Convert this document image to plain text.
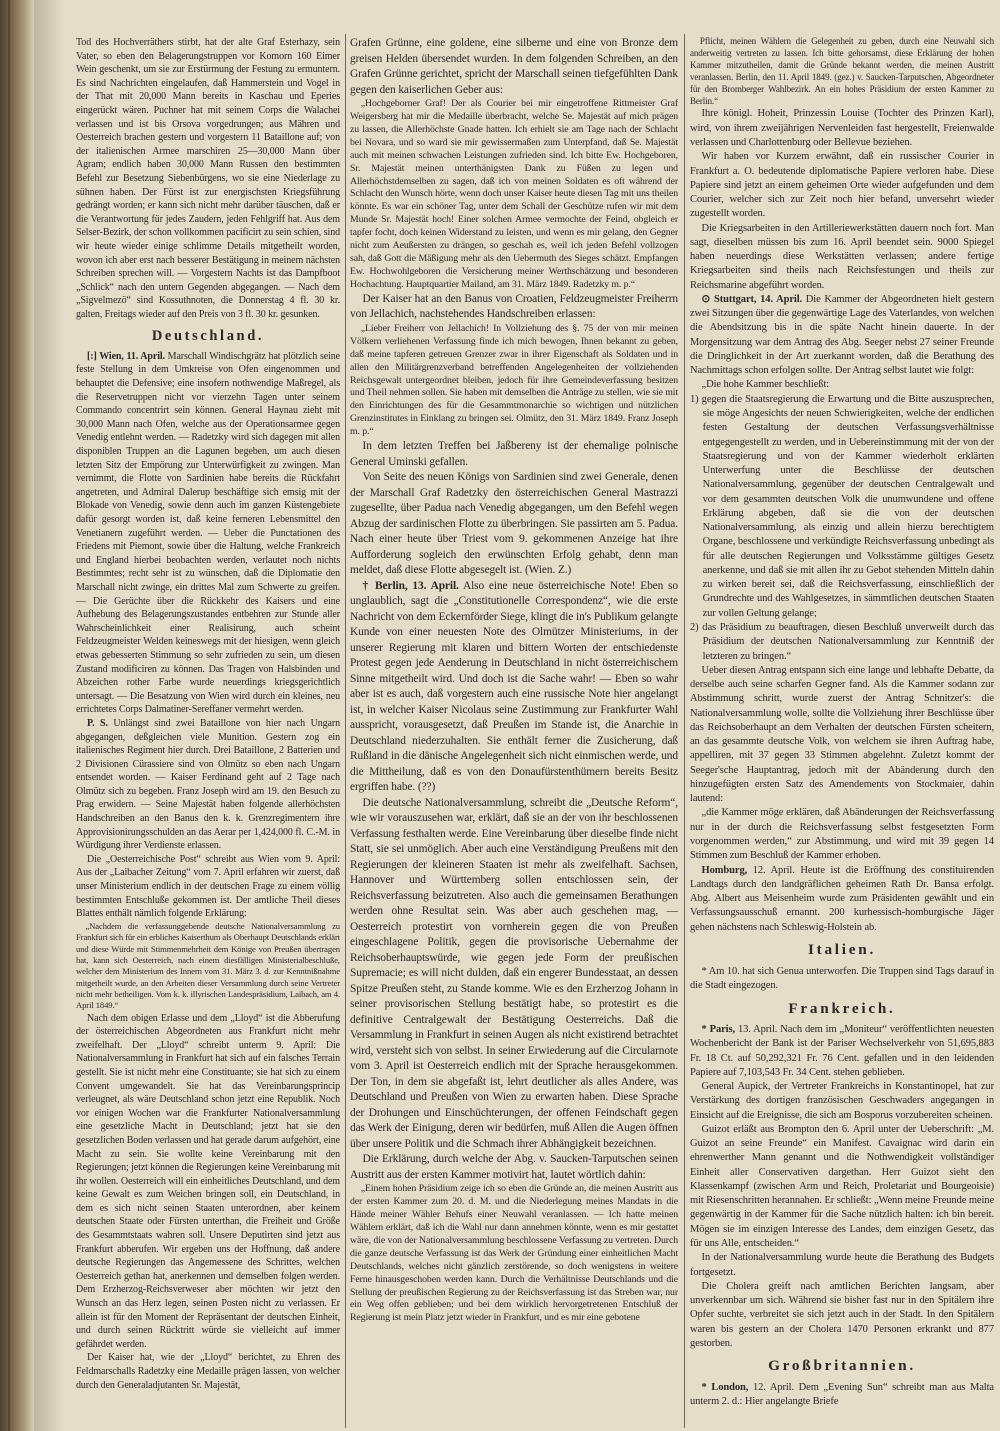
Tod des Hochverräthers stirbt, hat der alte Graf Esterhazy, sein Vater, so eben den Belagerungstruppen vor Komorn 160 Eimer Wein geschenkt, um sie zur Erstürmung der Festung zu ermuntern. Es sind Nachrichten eingelaufen, daß Hammerstein und Vogel in der That mit 20,000 Mann bereits in Kaschau und Eperies eingerückt wären. Puchner hat mit seinem Corps die Walachei verlassen und ist bis Orsova vorgedrungen; aus Mähren und Oesterreich brachen gestern und vorgestern 11 Bataillone auf; von der italienischen Armee marschiren 25—30,000 Mann über Agram; endlich haben 30,000 Mann Russen den bestimmten Befehl zur Besetzung Siebenbürgens, wo sie eine Niederlage zu sühnen haben. Der Fürst ist zur energischsten Kriegsführung gedrängt worden; er kann sich nicht mehr darüber täuschen, daß er die Verantwortung für jedes Zaudern, jeden Fehlgriff hat. Aus dem Selser-Bezirk, der schon vollkommen pacificirt zu sein schien, sind wir heute wieder einige schlimme Details mitgetheilt worden, wovon ich aber erst nach besserer Bestätigung in meinem nächsten Schreiben sprechen will. — Vorgestern Nachts ist das Dampfboot „Schlick“ nach den untern Gegenden abgegangen. — Nach dem „Sigvelmezö“ sind Kossuthnoten, die Donnerstag 4 fl. 30 kr. galten, Freitags wieder auf den Preis von 3 fl. 30 kr. gesunken.
Deutschland.
[:] Wien, 11. April. Marschall Windischgrätz hat plötzlich seine feste Stellung in dem Umkreise von Ofen eingenommen und behauptet die Defensive; eine insofern nothwendige Maßregel, als die Reservetruppen nicht vor vierzehn Tagen unter seinem Commando concentrirt sein können. General Haynau zieht mit 30,000 Mann nach Ofen, welche aus der Operationsarmee gegen Venedig entlehnt werden. — Radetzky wird sich dagegen mit allen disponiblen Truppen an die Lagunen begeben, um auch diesen letzten Sitz der Empörung zur Unterwürfigkeit zu zwingen. Man vernimmt, die Flotte von Sardinien habe bereits die Rückfahrt angetreten, und Admiral Dalerup beschäftige sich emsig mit der Blokade von Venedig, sowie denn auch im ganzen Küstengebiete dafür gesorgt worden ist, daß keine ferneren Lebensmittel den Venetianern zugeführt werden. — Ueber die Punctationen des Friedens mit Piemont, sowie über die Haltung, welche Frankreich und England hierbei beobachten werden, verlautet noch nichts Bestimmtes; recht sehr ist zu wünschen, daß die Diplomatie den Marschall nicht zwinge, ein drittes Mal zum Schwerte zu greifen. — Die Gerüchte über die Rückkehr des Kaisers und eine Aufhebung des Belagerungszustandes entbehren zur Stunde aller Wahrscheinlichkeit einer Realisirung, auch scheint Feldzeugmeister Welden keineswegs mit der hiesigen, wenn gleich etwas gebesserten Stimmung so sehr zufrieden zu sein, um diesen Zustand modificiren zu können. Das Tragen von Halsbinden und Abzeichen rother Farbe wurde neuerdings kriegsgerichtlich untersagt. — Die Besatzung von Wien wird durch ein kleines, neu errichtetes Corps Dalmatiner-Sereffaner vermehrt werden.
P. S. Unlängst sind zwei Bataillone von hier nach Ungarn abgegangen, deßgleichen viele Munition. Gestern zog ein italienisches Regiment hier durch. Drei Bataillone, 2 Batterien und 2 Divisionen Cürassiere sind von Olmütz so eben nach Ungarn entsendet worden. — Kaiser Ferdinand geht auf 2 Tage nach Olmütz sich zu begeben. Franz Joseph wird am 19. den Besuch zu Prag erwidern. — Seine Majestät haben folgende allerhöchsten Handschreiben an den Banus den k. k. Grenzregimentern ihre Approvisionirungsschulden an das Aerar per 1,424,000 fl. C.-M. in Würdigung ihrer Verdienste erlassen.
Die „Oesterreichische Post“ schreibt aus Wien vom 9. April: Aus der „Laibacher Zeitung“ vom 7. April erfahren wir zuerst, daß unser Ministerium endlich in der deutschen Frage zu einem völlig bestimmten Entschluße gekommen ist. Der amtliche Theil dieses Blattes enthält nämlich folgende Erklärung:
„Nachdem die verfassunggebende deutsche Nationalversammlung zu Frankfurt sich für ein erbliches Kaiserthum als Oberhaupt Deutschlands erklärt und diese Würde mit Stimmenmehrheit dem Könige von Preußen übertragen hat, kann sich Oesterreich, nach einem diesfälligen Ministerialbeschluße, welcher dem Ministerium des Innern vom 31. März 3. d. zur Kenntnißnahme mitgetheilt wurde, an den Arbeiten dieser Versammlung durch seine Vertreter nicht mehr betheiligen. Vom k. k. illyrischen Landespräsidium, Laibach, am 4. April 1849.“
Nach dem obigen Erlasse und dem „Lloyd“ ist die Abberufung der österreichischen Abgeordneten aus Frankfurt nicht mehr zweifelhaft. Der „Lloyd“ schreibt unterm 9. April: Die Nationalversammlung in Frankfurt hat sich auf ein falsches Terrain gestellt. Sie ist nicht mehr eine Constituante; sie hat sich zu einem Convent umgewandelt. Sie hat das Vereinbarungsprincip verleugnet, als wäre Deutschland schon jetzt eine Republik. Noch vor einigen Wochen war die Frankfurter Nationalversammlung eine gesetzliche Macht in Deutschland; jetzt hat sie den gesetzlichen Boden verlassen und hat gerade darum aufgehört, eine Macht zu sein. Sie wollte keine Vereinbarung mit den Regierungen; jetzt können die Regierungen keine Vereinbarung mit ihr wollen. Oesterreich will ein einheitliches Deutschland, und dem keine Gewalt es zum Weichen bringen soll, ein Deutschland, in dem es sich nicht seinen Staaten unterordnen, aber keinem deutschen Staate oder Fürsten unterthan, die Freiheit und Größe des Gesammtstaats wahren soll. Unsere Deputirten sind jetzt aus Frankfurt abberufen. Wir ergeben uns der Hoffnung, daß andere deutsche Regierungen das Angemessene des Schrittes, welchen Oesterreich gethan hat, anerkennen und demselben folgen werden. Dem Erzherzog-Reichsverweser aber möchten wir jetzt den Wunsch an das Herz legen, seinen Posten nicht zu verlassen. Er allein ist für den Moment der Repräsentant der deutschen Einheit, und durch seinen Rücktritt würde sie vielleicht auf immer gefährdet werden.
Der Kaiser hat, wie der „Lloyd“ berichtet, zu Ehren des Feldmarschalls Radetzky eine Medaille prägen lassen, von welcher durch den Generaladjutanten Sr. Majestät,
Grafen Grünne, eine goldene, eine silberne und eine von Bronze dem greisen Helden übersendet wurden. In dem folgenden Schreiben, an den Grafen Grünne gerichtet, spricht der Marschall seinen tiefgefühlten Dank gegen den kaiserlichen Geber aus:
„Hochgeborner Graf! Der als Courier bei mir eingetroffene Rittmeister Graf Weigersberg hat mir die Medaille überbracht, welche Se. Majestät auf mich prägen zu lassen, die Allerhöchste Gnade hatten. Ich erhielt sie am Tage nach der Schlacht bei Novara, und so ward sie mir gewissermaßen zum Unterpfand, daß Se. Majestät auch mit meinen schwachen Leistungen zufrieden sind. Ich bitte Ew. Hochgeboren, Sr. Majestät meinen unterthänigsten Dank zu Füßen zu legen und Allerhöchstdemselben zu sagen, daß ich von meinen Soldaten es oft während der Schlacht den Wunsch hörte, wenn doch unser Kaiser heute diesen Tag mit uns theilen könnte. Es war ein schöner Tag, unter dem Schall der Geschütze rufen wir mit dem Munde Sr. Majestät hoch! Einer solchen Armee vermochte der Feind, obgleich er tapfer focht, doch keinen Widerstand zu leisten, und wenn es mir gelang, den Gegner nicht zum Aeußersten zu drängen, so geschah es, weil ich jeden Befehl vollzogen sah, daß Gott die Mäßigung mehr als den Uebermuth des Sieges schätzt. Empfangen Ew. Hochwohlgeboren die Versicherung meiner Werthschätzung und besonderen Hochachtung. Hauptquartier Mailand, am 31. März 1849. Radetzky m. p.“
Der Kaiser hat an den Banus von Croatien, Feldzeugmeister Freiherrn von Jellachich, nachstehendes Handschreiben erlassen:
„Lieber Freiherr von Jellachich! In Vollziehung des §. 75 der von mir meinen Völkern verliehenen Verfassung finde ich mich bewogen, Ihnen bekannt zu geben, daß meine tapferen getreuen Grenzer zwar in ihrer Eigenschaft als Soldaten und in allen den Militärgrenzverband betreffenden Angelegenheiten der vollziehenden Reichsgewalt untergeordnet bleiben, jedoch für ihre Gemeindeverfassung besitzen und Theil nehmen sollen. Sie haben mit demselben die Anträge zu stellen, wie sie mit den Einrichtungen des für die Gesammtmonarchie so wichtigen und nützlichen Grenzinstitutes in Einklang zu bringen sei. Olmütz, den 31. März 1849. Franz Joseph m. p.“
In dem letzten Treffen bei Jaßbereny ist der ehemalige polnische General Uminski gefallen.
Von Seite des neuen Königs von Sardinien sind zwei Generale, denen der Marschall Graf Radetzky den österreichischen General Mastrazzi zugesellte, über Padua nach Venedig abgegangen, um den Befehl wegen Abzug der sardinischen Flotte zu überbringen. Sie passirten am 5. Padua. Nach einer heute über Triest vom 9. gekommenen Anzeige hat ihre Aufforderung sogleich den erwünschten Erfolg gehabt, denn man meldet, daß diese Flotte abgesegelt ist. (Wien. Z.)
† Berlin, 13. April. Also eine neue österreichische Note! Eben so unglaublich, sagt die „Constitutionelle Correspondenz“, wie die erste Nachricht von dem Eckernförder Siege, klingt die in's Publikum gelangte Kunde von einer neuesten Note des Olmützer Ministeriums, in der unserer Regierung mit klaren und bittern Worten der entschiedenste Protest gegen jede Aenderung in Deutschland in nicht österreichischem Sinne mitgetheilt wird. Und doch ist die Sache wahr! — Eben so wahr aber ist es auch, daß vorgestern auch eine russische Note hier angelangt ist, in welcher Kaiser Nicolaus seine Zustimmung zur Frankfurter Wahl ausspricht, vorausgesetzt, daß Preußen im Stande ist, die Anarchie in Deutschland niederzuhalten. Sie enthält ferner die Zusicherung, daß Rußland in die dänische Angelegenheit sich nicht einmischen werde, und die Mittheilung, daß es von den Donaufürstenthümern bereits Besitz ergriffen habe. (??)
Die deutsche Nationalversammlung, schreibt die „Deutsche Reform“, wie wir vorauszusehen war, erklärt, daß sie an der von ihr beschlossenen Verfassung festhalten werde. Eine Vereinbarung über dieselbe finde nicht Statt, sie sei unmöglich. Aber auch eine Verständigung Preußens mit den Regierungen der kleineren Staaten ist mehr als zweifelhaft. Sachsen, Hannover und Württemberg sollen entschlossen sein, der Reichsverfassung beizutreten. Also auch die gemeinsamen Berathungen werden ohne Resultat sein. Was aber auch geschehen mag, — Oesterreich protestirt von vornherein gegen die von Preußen eingeschlagene Politik, gegen die provisorische Uebernahme der Reichsoberhauptswürde, wie gegen jede Form der preußischen Supremacie; es will nicht dulden, daß ein engerer Bundesstaat, an dessen Spitze Preußen steht, zu Stande komme. Wie es den Erzherzog Johann in seiner provisorischen Stellung bestätigt habe, so protestirt es die definitive Centralgewalt der Bestätigung Oesterreichs. Daß die Versammlung in Frankfurt in seinen Augen als nicht existirend betrachtet wird, versteht sich von selbst. In seiner Erwiederung auf die Circularnote vom 3. April ist Oesterreich endlich mit der Sprache herausgekommen. Der Ton, in dem sie abgefaßt ist, lehrt deutlicher als alles Andere, was Deutschland und Preußen von Wien zu erwarten haben. Diese Sprache der Drohungen und Einschüchterungen, der offenen Feindschaft gegen das Werk der Einigung, deren wir bedürfen, muß Allen die Augen öffnen über unsere Politik und die Schmach ihrer Abhängigkeit bezeichnen.
Die Erklärung, durch welche der Abg. v. Saucken-Tarputschen seinen Austritt aus der ersten Kammer motivirt hat, lautet wörtlich dahin:
„Einem hohen Präsidium zeige ich so eben die Gründe an, die meinen Austritt aus der ersten Kammer zum 20. d. M. und die Niederlegung meines Mandats in die Hände meiner Wähler Behufs einer Neuwahl veranlassen. — Ich hatte meinen Wählern erklärt, daß ich die Wahl nur dann annehmen könnte, wenn es mir gestattet wäre, die von der Nationalversammlung beschlossene Verfassung zu vertreten. Durch die ganze deutsche Verfassung ist das Werk der Gründung einer einheitlichen Macht Deutschlands, welches nicht gänzlich zerstörende, so doch wenigstens in weitere Ferne hinausgeschoben werden kann. Durch die Verhältnisse Deutschlands und die Stellung der preußischen Regierung zu der Reichsverfassung ist das Streben war, nur ein Weg offen geblieben; und bei dem wirklich hervorgetretenen Entschluß der Regierung ist mein Platz jetzt wieder in Frankfurt, und es mir eine gebotene
Pflicht, meinen Wählern die Gelegenheit zu geben, durch eine Neuwahl sich anderweitig vertreten zu lassen. Ich bitte gehorsamst, diese Erklärung der hohen Kammer mitzutheilen, damit die Gründe bekannt werden, die meinen Austritt veranlassen. Berlin, den 11. April 1849. (gez.) v. Saucken-Tarputschen, Abgeordneter für den Bromberger Wahlbezirk. An ein hohes Präsidium der ersten Kammer zu Berlin.“
Ihre königl. Hoheit, Prinzessin Louise (Tochter des Prinzen Karl), wird, von ihrem zweijährigen Nervenleiden fast hergestellt, Freienwalde verlassen und Charlottenburg oder Bellevue beziehen.
Wir haben vor Kurzem erwähnt, daß ein russischer Courier in Frankfurt a. O. bedeutende diplomatische Papiere verloren habe. Diese Papiere sind jetzt an einem geheimen Orte wieder aufgefunden und dem Courier, welcher sich zur Zeit noch hier befand, unversehrt wieder zugestellt worden.
Die Kriegsarbeiten in den Artilleriewerkstätten dauern noch fort. Man sagt, dieselben müssen bis zum 16. April beendet sein. 9000 Spiegel haben neuerdings diese Werkstätten verlassen; andere fertige Kriegsarbeiten sind theils nach Reichsfestungen und theils zur Reichsmarine abgeführt worden.
⊙ Stuttgart, 14. April. Die Kammer der Abgeordneten hielt gestern zwei Sitzungen über die gegenwärtige Lage des Vaterlandes, von welchen die Abendsitzung bis in die späte Nacht hinein dauerte. In der Morgensitzung war dem Antrag des Abg. Seeger nebst 27 seiner Freunde die Dringlichkeit in der Art zuerkannt worden, daß die Berathung des Nachmittags schon erfolgen sollte. Der Antrag selbst lautet wie folgt:
„Die hohe Kammer beschließt:
1) gegen die Staatsregierung die Erwartung und die Bitte auszusprechen, sie möge Angesichts der neuen Schwierigkeiten, welche der endlichen festen Gestaltung der deutschen Verfassungsverhältnisse entgegengestellt zu werden, und in Uebereinstimmung mit der von der Staatsregierung und von der Kammer wiederholt erklärten Unterwerfung unter die Beschlüsse der deutschen Nationalversammlung, gegenüber der deutschen Centralgewalt und vor dem gesammten deutschen Volk die unumwundene und offene Erklärung abgeben, daß sie die von der deutschen Nationalversammlung, als einzig und allein hierzu berechtigtem Organe, beschlossene und verkündigte Reichsverfassung unbedingt als für alle deutschen Regierungen und Volksstämme gültiges Gesetz anerkenne, und daß sie mit allen ihr zu Gebot stehenden Mitteln dahin zu wirken bereit sei, daß die Reichsverfassung, einschließlich der Grundrechte und des Wahlgesetzes, in sämmtlichen deutschen Staaten zur vollen Geltung gelange;
2) das Präsidium zu beauftragen, diesen Beschluß unverweilt durch das Präsidium der deutschen Nationalversammlung zur Kenntniß der letzteren zu bringen.“
Ueber diesen Antrag entspann sich eine lange und lebhafte Debatte, da derselbe auch seine scharfen Gegner fand. Als die Kammer sodann zur Abstimmung schritt, wurde zuerst der Antrag Schnitzer's: die Nationalversammlung wolle, sollte die Vollziehung ihrer Beschlüsse über das Reichsoberhaupt an dem Verhalten der deutschen Fürsten scheitern, an das gesammte deutsche Volk, von welchem sie ihren Auftrag habe, appelliren, mit 37 gegen 33 Stimmen abgelehnt. Zuletzt kommt der Seeger'sche Hauptantrag, jedoch mit der Abänderung durch den hinzugefügten ersten Satz des Amendements von Stockmaier, dahin lautend:
„die Kammer möge erklären, daß Abänderungen der Reichsverfassung nur in der durch die Reichsverfassung selbst festgesetzten Form vorgenommen werden,“ zur Abstimmung, und wird mit 39 gegen 14 Stimmen zum Beschluß der Kammer erhoben.
Homburg, 12. April. Heute ist die Eröffnung des constituirenden Landtags durch den landgräflichen geheimen Rath Dr. Bansa erfolgt. Abg. Albert aus Meisenheim wurde zum Präsidenten gewählt und ein Verfassungsausschuß ernannt. 200 kurhessisch-homburgische Jäger gehen nächstens nach Schleswig-Holstein ab.
Italien.
* Am 10. hat sich Genua unterworfen. Die Truppen sind Tags darauf in die Stadt eingezogen.
Frankreich.
* Paris, 13. April. Nach dem im „Moniteur“ veröffentlichten neuesten Wochenbericht der Bank ist der Pariser Wechselverkehr von 51,695,883 Fr. 18 Ct. auf 50,292,321 Fr. 76 Cent. gefallen und in den leidenden Papiere auf 7,103,543 Fr. 34 Cent. stehen geblieben.
General Aupick, der Vertreter Frankreichs in Konstantinopel, hat zur Verstärkung des dortigen französischen Geschwaders angegangen in Einsicht auf die Ereignisse, die sich am Bosporus vorzubereiten scheinen.
Guizot erläßt aus Brompton den 6. April unter der Ueberschrift: „M. Guizot an seine Freunde“ ein Manifest. Cavaignac wird darin ein ehrenwerther Mann genannt und die Nothwendigkeit vollständiger Einheit aller Conservativen dargethan. Herr Guizot sieht den Klassenkampf (zwischen Arm und Reich, Proletariat und Bourgeoisie) mit Riesenschritten herannahen. Er schließt: „Wenn meine Freunde meine gegenwärtig in der Kammer für die Sache nützlich halten: ich bin bereit. Mögen sie im einzigen Interesse des Landes, dem einzigen Gesetz, das für uns Alle, entscheiden.“
In der Nationalversammlung wurde heute die Berathung des Budgets fortgesetzt.
Die Cholera greift nach amtlichen Berichten langsam, aber unverkennbar um sich. Während sie bisher fast nur in den Spitälern ihre Opfer suchte, verbreitet sie sich jetzt auch in der Stadt. In den Spitälern waren bis gestern an der Cholera 1470 Personen erkrankt und 877 gestorben.
Großbritannien.
* London, 12. April. Dem „Evening Sun“ schreibt man aus Malta unterm 2. d.: Hier angelangte Briefe
